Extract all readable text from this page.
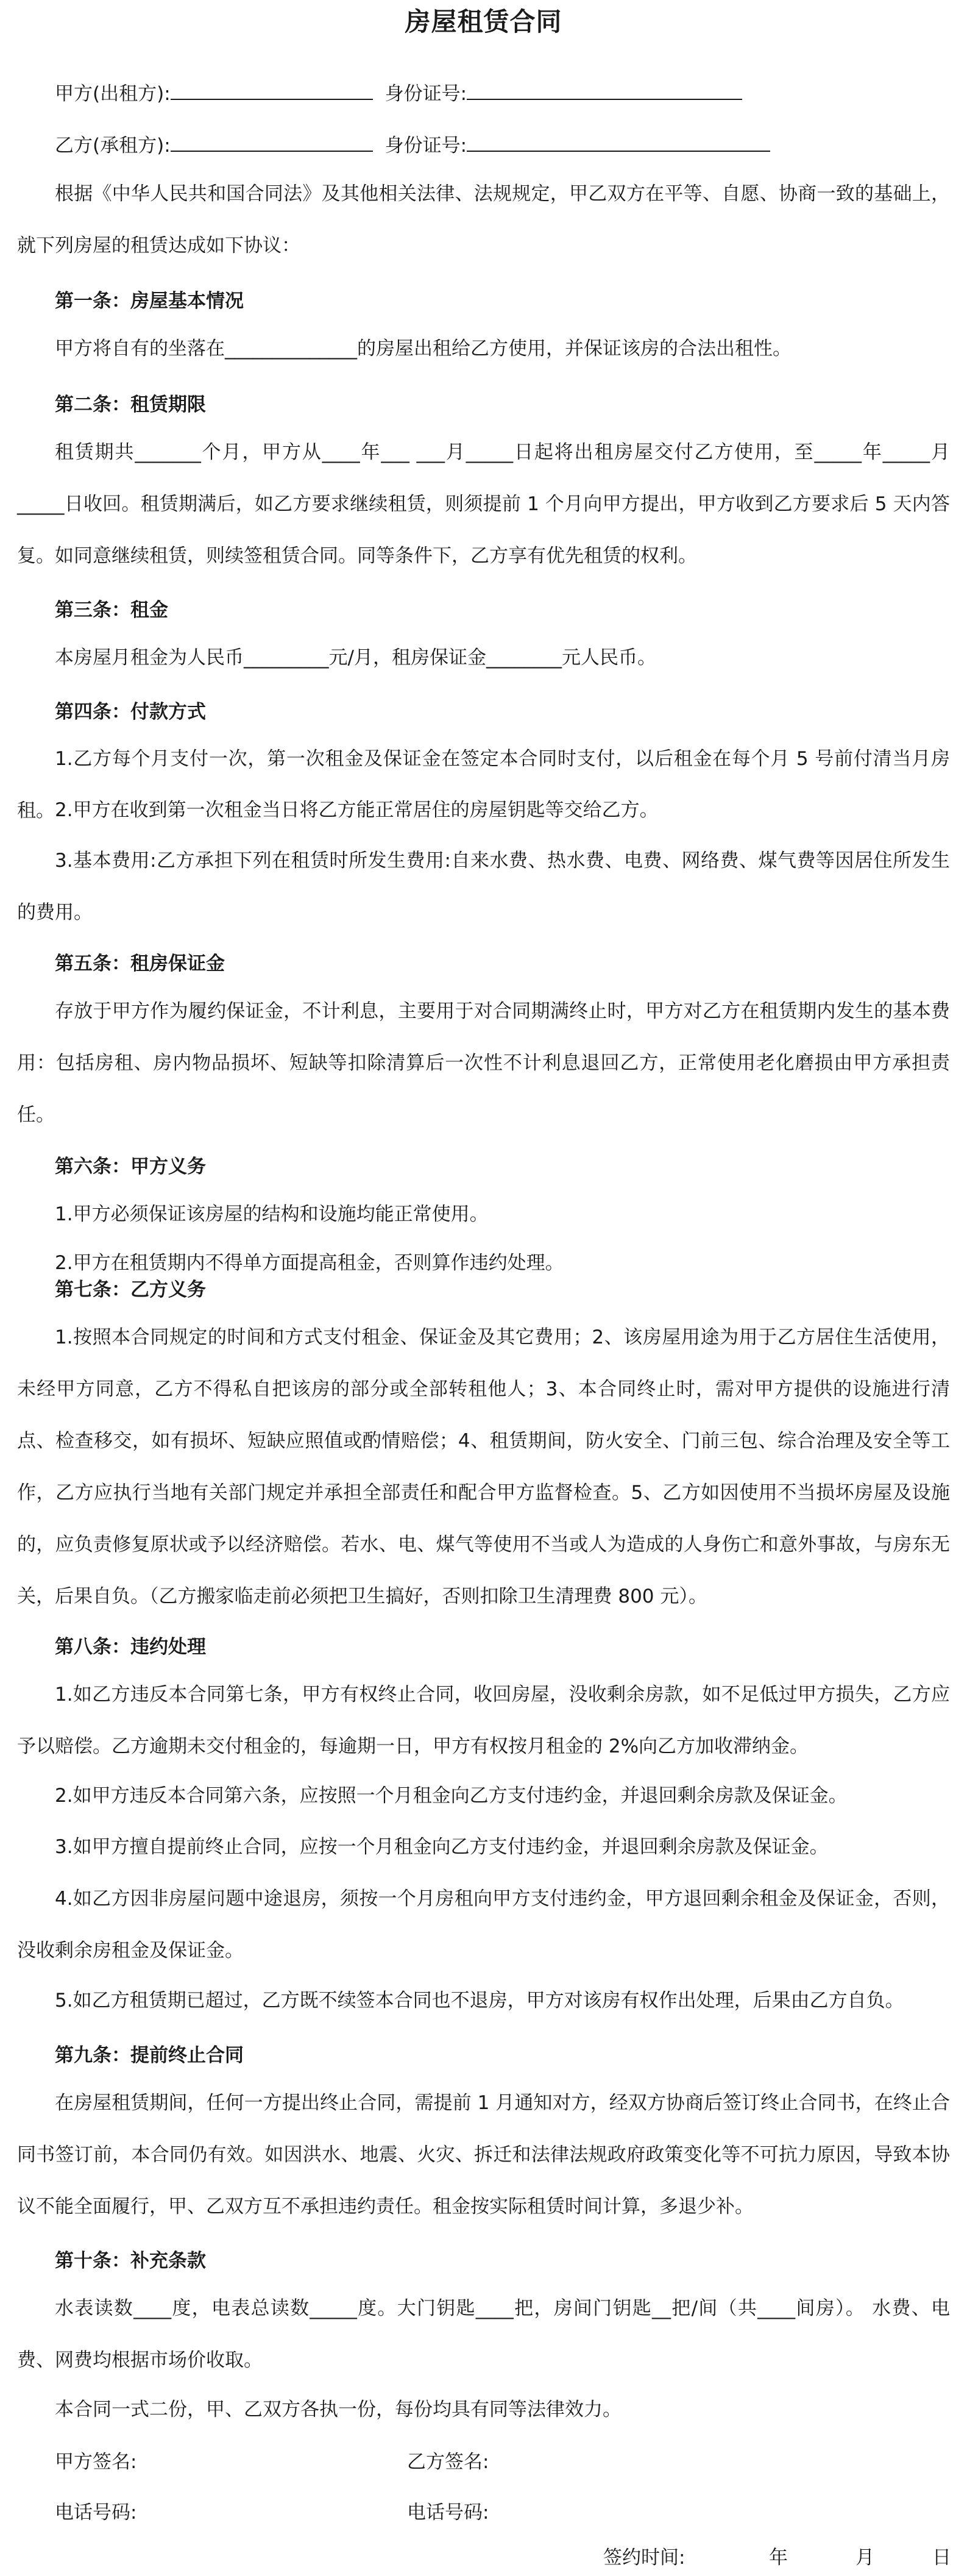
房屋租赁合同
甲方(出租方):	身份证号:
乙方(承租方):	身份证号:
根据《中华人民共和国合同法》及其他相关法律、法规规定，甲乙双方在平等、自愿、协商一致的基础上，就下列房屋的租赁达成如下协议：
第一条：房屋基本情况
甲方将自有的坐落在______________的房屋出租给乙方使用，并保证该房的合法出租性。
第二条：租赁期限
租赁期共_______个月，甲方从____年___ ___月_____日起将出租房屋交付乙方使用，至_____年_____月_____日收回。租赁期满后，如乙方要求继续租赁，则须提前 1 个月向甲方提出，甲方收到乙方要求后 5 天内答复。如同意继续租赁，则续签租赁合同。同等条件下，乙方享有优先租赁的权利。
第三条：租金
本房屋月租金为人民币_________元/月，租房保证金________元人民币。
第四条：付款方式
1.乙方每个月支付一次，第一次租金及保证金在签定本合同时支付，以后租金在每个月 5 号前付清当月房租。 2.甲方在收到第一次租金当日将乙方能正常居住的房屋钥匙等交给乙方。
3.基本费用:乙方承担下列在租赁时所发生费用:自来水费、热水费、电费、网络费、煤气费等因居住所发生的费用。
第五条：租房保证金
存放于甲方作为履约保证金，不计利息，主要用于对合同期满终止时，甲方对乙方在租赁期内发生的基本费用：包括房租、房内物品损坏、短缺等扣除清算后一次性不计利息退回乙方，正常使用老化磨损由甲方承担责任。
第六条：甲方义务
1.甲方必须保证该房屋的结构和设施均能正常使用。
2.甲方在租赁期内不得单方面提高租金，否则算作违约处理。
第七条：乙方义务
1.按照本合同规定的时间和方式支付租金、保证金及其它费用；2、该房屋用途为用于乙方居住生活使用，未经甲方同意，乙方不得私自把该房的部分或全部转租他人；3、本合同终止时，需对甲方提供的设施进行清点、检查移交，如有损坏、短缺应照值或酌情赔偿；4、租赁期间，防火安全、门前三包、综合治理及安全等工作，乙方应执行当地有关部门规定并承担全部责任和配合甲方监督检查。5、乙方如因使用不当损坏房屋及设施的，应负责修复原状或予以经济赔偿。若水、电、煤气等使用不当或人为造成的人身伤亡和意外事故，与房东无关，后果自负。（乙方搬家临走前必须把卫生搞好，否则扣除卫生清理费 800 元）。
第八条：违约处理
1.如乙方违反本合同第七条，甲方有权终止合同，收回房屋，没收剩余房款，如不足低过甲方损失，乙方应予以赔偿。乙方逾期未交付租金的，每逾期一日，甲方有权按月租金的 2%向乙方加收滞纳金。
2.如甲方违反本合同第六条，应按照一个月租金向乙方支付违约金，并退回剩余房款及保证金。
3.如甲方擅自提前终止合同，应按一个月租金向乙方支付违约金，并退回剩余房款及保证金。
4.如乙方因非房屋问题中途退房，须按一个月房租向甲方支付违约金，甲方退回剩余租金及保证金，否则，没收剩余房租金及保证金。
5.如乙方租赁期已超过，乙方既不续签本合同也不退房，甲方对该房有权作出处理，后果由乙方自负。
第九条：提前终止合同
在房屋租赁期间，任何一方提出终止合同，需提前 1 月通知对方，经双方协商后签订终止合同书，在终止合同书签订前，本合同仍有效。如因洪水、地震、火灾、拆迁和法律法规政府政策变化等不可抗力原因，导致本协议不能全面履行，甲、乙双方互不承担违约责任。租金按实际租赁时间计算，多退少补。
第十条：补充条款
水表读数____度，电表总读数_____度。大门钥匙____把，房间门钥匙__把/间（共____间房）。 水费、电费、网费均根据市场价收取。
本合同一式二份，甲、乙双方各执一份，每份均具有同等法律效力。
甲方签名:	乙方签名:
电话号码:	电话号码:
签约时间:	年	月	日
